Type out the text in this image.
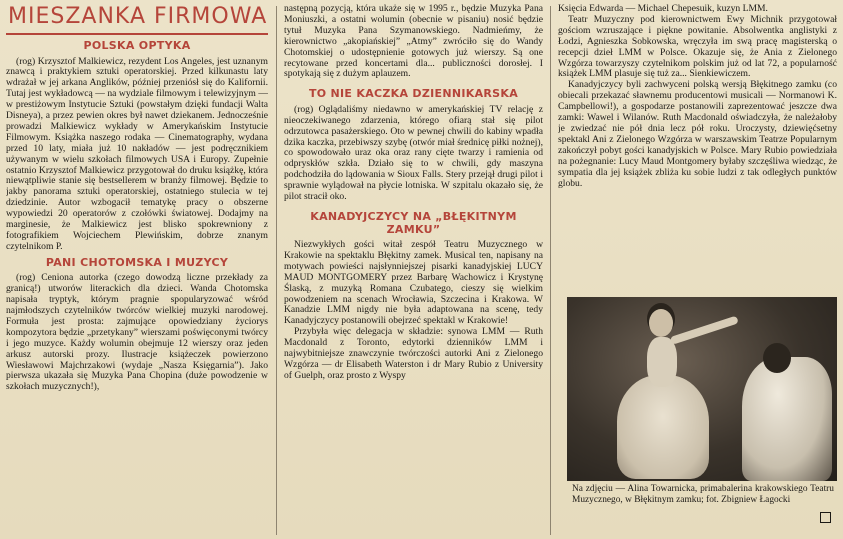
MIESZANKA FIRMOWA
POLSKA OPTYKA

(rog) Krzysztof Malkiewicz, rezydent Los Angeles, jest uznanym znawcą i praktykiem sztuki operatorskiej. Przed kilkunastu laty wdrażał w jej arkana Anglików, później przeniósł się do Kalifornii. Tutaj jest wykładowcą — na wydziale filmowym i telewizyjnym — w prestiżowym Instytucie Sztuki (powstałym dzięki fundacji Walta Disneya), a przez pewien okres był nawet dziekanem. Jednocześnie prowadzi Malkiewicz wykłady w Amerykańskim Instytucie Filmowym. Książka naszego rodaka — Cinematography, wydana przed 10 laty, miała już 10 nakładów — jest podręcznikiem używanym w wielu szkołach filmowych USA i Europy. Zupełnie ostatnio Krzysztof Malkiewicz przygotował do druku książkę, która niewątpliwie stanie się bestsellerem w branży filmowej. Będzie to jakby panorama sztuki operatorskiej, ostatniego stulecia w tej dziedzinie. Autor wzbogacił tematykę pracy o obszerne wypowiedzi 20 operatorów z czołówki światowej. Dodajmy na marginesie, że Malkiewicz jest blisko spokrewniony z fotografikiem Wojciechem Plewińskim, dobrze znanym czytelnikom P.

PANI CHOTOMSKA I MUZYCY

(rog) Ceniona autorka (czego dowodzą liczne przekłady za granicą!) utworów literackich dla dzieci. Wanda Chotomska napisała tryptyk, którym pragnie spopularyzować wśród najmłodszych czytelników twórców wielkiej muzyki narodowej. Formuła jest prosta: zajmujące opowiedziany życiorys kompozytora będzie „przetykany” wierszami poświęconymi twórcy i jego muzyce. Każdy wolumin obejmuje 12 wierszy oraz jeden arkusz autorski prozy. Ilustracje książeczek powierzono Wiesławowi Majchrzakowi (wydaje „Nasza Księgarnia”). Jako pierwsza ukazała się Muzyka Pana Chopina (duże powodzenie w szkołach muzycznych!),

następną pozycją, która ukaże się w 1995 r., będzie Muzyka Pana Moniuszki, a ostatni wolumin (obecnie w pisaniu) nosić będzie tytuł Muzyka Pana Szymanowskiego. Nadmieńmy, że kierownictwo „akopiańskiej” „Atmy” zwróciło się do Wandy Chotomskiej o udostępnienie gotowych już wierszy. Są one recytowane przed koncertami dla... publiczności dorosłej. I spotykają się z dużym aplauzem.

TO NIE KACZKA DZIENNIKARSKA

(rog) Oglądaliśmy niedawno w amerykańskiej TV relację z nieoczekiwanego zdarzenia, którego ofiarą stał się pilot odrzutowca pasażerskiego. Oto w pewnej chwili do kabiny wpadła dzika kaczka, przebiwszy szybę (otwór miał średnicę piłki nożnej), co spowodowało uraz oka oraz rany cięte twarzy i ramienia od odpryskłów szkła. Działo się to w chwili, gdy maszyna podchodziła do lądowania w Sioux Falls. Stery przejął drugi pilot i sprawnie wylądował na płycie lotniska. W szpitalu okazało się, że pilot stracił oko.

KANADYJCZYCY NA „BŁĘKITNYM ZAMKU”

Niezwykłych gości witał zespół Teatru Muzycznego w Krakowie na spektaklu Błękitny zamek. Musical ten, napisany na motywach powieści najsłynniejszej pisarki kanadyjskiej LUCY MAUD MONTGOMERY przez Barbarę Wachowicz i Krystynę Ślaską, z muzyką Romana Czubatego, cieszy się wielkim powodzeniem na scenach Wrocławia, Szczecina i Krakowa. W Kanadzie LMM nigdy nie była adaptowana na scenę, tedy Kanadyjczycy postanowili obejrzeć spektakl w Krakowie!

Przybyła więc delegacja w składzie: synowa LMM — Ruth Macdonald z Toronto, edytorki dzienników LMM i najwybitniejsze znawczynie twórczości autorki Ani z Zielonego Wzgórza — dr Elisabeth Waterston i dr Mary Rubio z University of Guelph, oraz prosto z Wyspy

Księcia Edwarda — Michael Chepesuik, kuzyn LMM.

Teatr Muzyczny pod kierownictwem Ewy Michnik przygotował gościom wzruszające i piękne powitanie. Absolwentka anglistyki z Łodzi, Agnieszka Sobkowska, wręczyła im swą pracę magisterską o recepcji dzieł LMM w Polsce. Okazuje się, że Ania z Zielonego Wzgórza towarzyszy czytelnikom polskim już od lat 72, a popularność książek LMM plasuje się tuż za... Sienkiewiczem.

Kanadyjczycy byli zachwyceni polską wersją Błękitnego zamku (co obiecali przekazać sławnemu producentowi musicali — Normanowi K. Campbellowi!), a gospodarze postanowili zaprezentować jeszcze dwa zamki: Wawel i Wilanów. Ruth Macdonald oświadczyła, że należałoby je zwiedzać nie pół dnia lecz pół roku. Uroczysty, dziewięćsetny spektakl Ani z Zielonego Wzgórza w warszawskim Teatrze Popularnym zakończył pobyt gości kanadyjskich w Polsce. Mary Rubio powiedziała na pożegnanie: Lucy Maud Montgomery byłaby szczęśliwa wiedząc, że sympatia dla jej książek zbliża ku sobie ludzi z tak odległych punktów globu.

Na zdjęciu — Alina Towarnicka, primabalerina krakowskiego Teatru Muzycznego, w Błękitnym zamku; fot. Zbigniew Łagocki
